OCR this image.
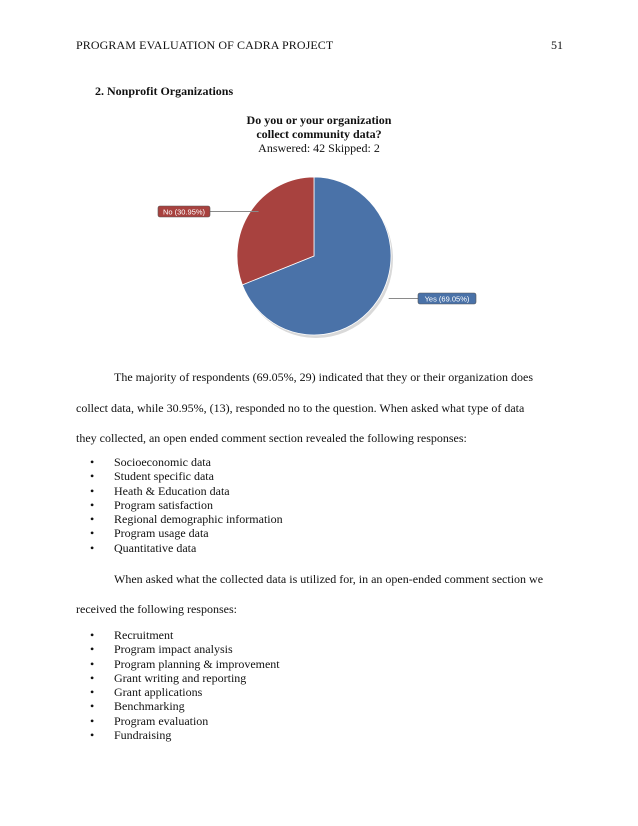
PROGRAM EVALUATION OF CADRA PROJECT	51
2. Nonprofit Organizations
Do you or your organization
collect community data?
Answered: 42 Skipped: 2
Yes (69.05%)
No (30.95%)
The majority of respondents (69.05%, 29) indicated that they or their organization does
collect data, while 30.95%, (13), responded no to the question. When asked what type of data
they collected, an open ended comment section revealed the following responses:
• Socioeconomic data
• Student specific data
• Heath & Education data
• Program satisfaction
• Regional demographic information
• Program usage data
• Quantitative data
When asked what the collected data is utilized for, in an open-ended comment section we
received the following responses:
• Recruitment
• Program impact analysis
• Program planning & improvement
• Grant writing and reporting
• Grant applications
• Benchmarking
• Program evaluation
• Fundraising
